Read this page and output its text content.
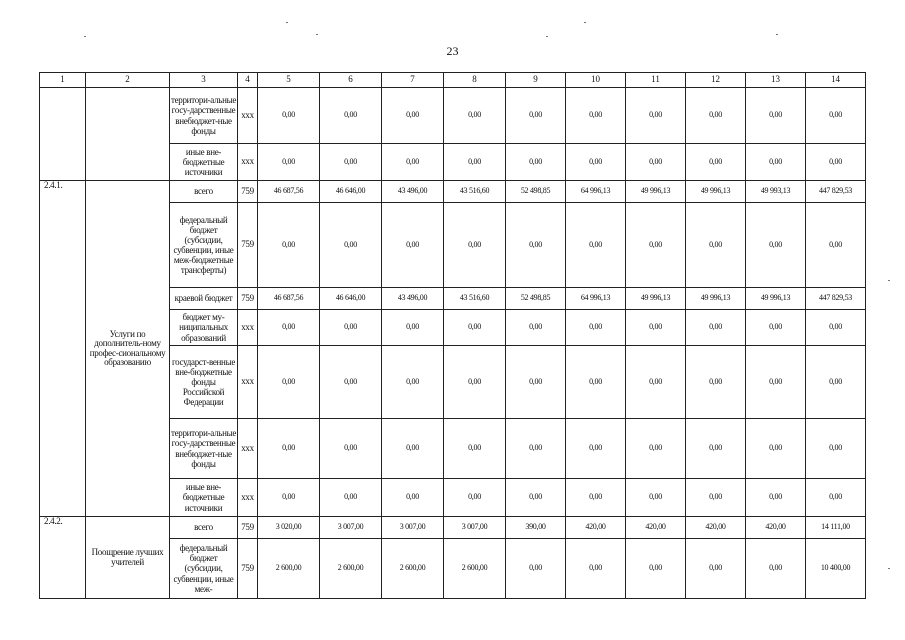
23
1	2	3	4	5	6	7	8	9	10	11	12	13	14
		территори-альные госу-дарственные внебюджет-ные фонды	ххх	0,00	0,00	0,00	0,00	0,00	0,00	0,00	0,00	0,00	0,00
		иные вне-бюджетные источники	ххх	0,00	0,00	0,00	0,00	0,00	0,00	0,00	0,00	0,00	0,00
2.4.1.	Услуги по дополнитель-ному профес-сиональному образованию	всего	759	46 687,56	46 646,00	43 496,00	43 516,60	52 498,85	64 996,13	49 996,13	49 996,13	49 993,13	447 829,53
		федеральный бюджет (субсидии, субвенции, иные меж-бюджетные трансферты)	759	0,00	0,00	0,00	0,00	0,00	0,00	0,00	0,00	0,00	0,00
		краевой бюджет	759	46 687,56	46 646,00	43 496,00	43 516,60	52 498,85	64 996,13	49 996,13	49 996,13	49 996,13	447 829,53
		бюджет му-ниципальных образований	ххх	0,00	0,00	0,00	0,00	0,00	0,00	0,00	0,00	0,00	0,00
		государст-венные вне-бюджетные фонды Российской Федерации	ххх	0,00	0,00	0,00	0,00	0,00	0,00	0,00	0,00	0,00	0,00
		территори-альные госу-дарственные внебюджет-ные фонды	ххх	0,00	0,00	0,00	0,00	0,00	0,00	0,00	0,00	0,00	0,00
		иные вне-бюджетные источники	ххх	0,00	0,00	0,00	0,00	0,00	0,00	0,00	0,00	0,00	0,00
2.4.2.	Поощрение лучших учителей	всего	759	3 020,00	3 007,00	3 007,00	3 007,00	390,00	420,00	420,00	420,00	420,00	14 111,00
		федеральный бюджет (субсидии, субвенции, иные меж-	759	2 600,00	2 600,00	2 600,00	2 600,00	0,00	0,00	0,00	0,00	0,00	10 400,00
